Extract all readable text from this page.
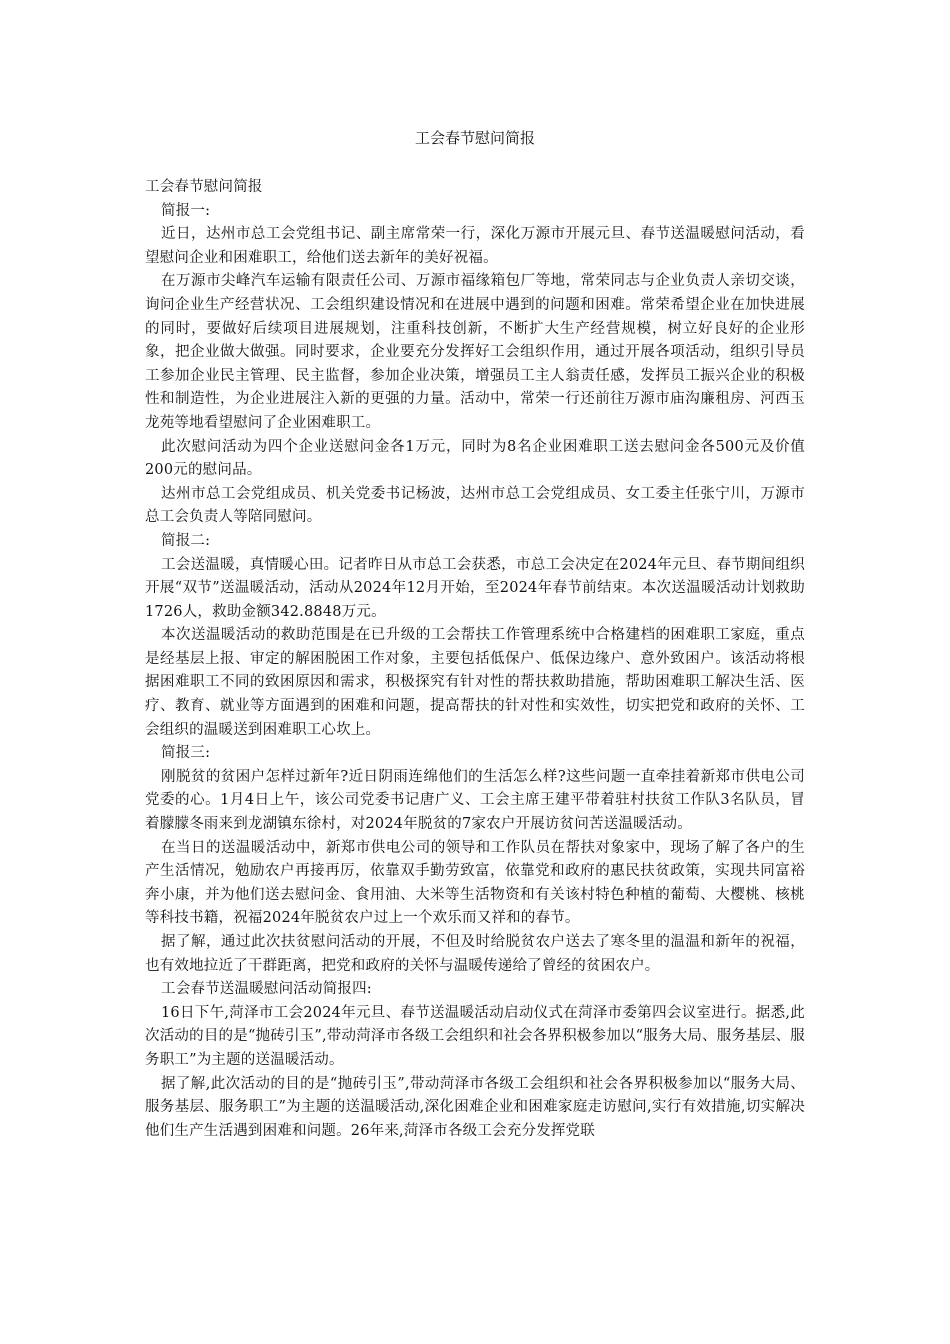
工会春节慰问简报

工会春节慰问简报

简报一:

近日，达州市总工会党组书记、副主席常荣一行，深化万源市开展元旦、春节送温暖慰问活动，看望慰问企业和困难职工，给他们送去新年的美好祝福。

在万源市尖峰汽车运输有限责任公司、万源市福缘箱包厂等地，常荣同志与企业负责人亲切交谈，询问企业生产经营状况、工会组织建设情况和在进展中遇到的问题和困难。常荣希望企业在加快进展的同时，要做好后续项目进展规划，注重科技创新，不断扩大生产经营规模，树立好良好的企业形象，把企业做大做强。同时要求，企业要充分发挥好工会组织作用，通过开展各项活动，组织引导员工参加企业民主管理、民主监督，参加企业决策，增强员工主人翁责任感，发挥员工振兴企业的积极性和制造性，为企业进展注入新的更强的力量。活动中，常荣一行还前往万源市庙沟廉租房、河西玉龙苑等地看望慰问了企业困难职工。

此次慰问活动为四个企业送慰问金各1万元，同时为8名企业困难职工送去慰问金各500元及价值200元的慰问品。

达州市总工会党组成员、机关党委书记杨波，达州市总工会党组成员、女工委主任张宁川，万源市总工会负责人等陪同慰问。

简报二:

工会送温暖，真情暖心田。记者昨日从市总工会获悉，市总工会决定在2024年元旦、春节期间组织开展“双节”送温暖活动，活动从2024年12月开始，至2024年春节前结束。本次送温暖活动计划救助1726人，救助金额342.8848万元。

本次送温暖活动的救助范围是在已升级的工会帮扶工作管理系统中合格建档的困难职工家庭，重点是经基层上报、审定的解困脱困工作对象，主要包括低保户、低保边缘户、意外致困户。该活动将根据困难职工不同的致困原因和需求，积极探究有针对性的帮扶救助措施，帮助困难职工解决生活、医疗、教育、就业等方面遇到的困难和问题，提高帮扶的针对性和实效性，切实把党和政府的关怀、工会组织的温暖送到困难职工心坎上。

简报三:

刚脱贫的贫困户怎样过新年?近日阴雨连绵他们的生活怎么样?这些问题一直牵挂着新郑市供电公司党委的心。1月4日上午，该公司党委书记唐广义、工会主席王建平带着驻村扶贫工作队3名队员，冒着朦朦冬雨来到龙湖镇东徐村，对2024年脱贫的7家农户开展访贫问苦送温暖活动。

在当日的送温暖活动中，新郑市供电公司的领导和工作队员在帮扶对象家中，现场了解了各户的生产生活情况，勉励农户再接再厉，依靠双手勤劳致富，依靠党和政府的惠民扶贫政策，实现共同富裕奔小康，并为他们送去慰问金、食用油、大米等生活物资和有关该村特色种植的葡萄、大樱桃、核桃等科技书籍，祝福2024年脱贫农户过上一个欢乐而又祥和的春节。

据了解，通过此次扶贫慰问活动的开展，不但及时给脱贫农户送去了寒冬里的温温和新年的祝福，也有效地拉近了干群距离，把党和政府的关怀与温暖传递给了曾经的贫困农户。

工会春节送温暖慰问活动简报四:

16日下午,菏泽市工会2024年元旦、春节送温暖活动启动仪式在菏泽市委第四会议室进行。据悉,此次活动的目的是“抛砖引玉”,带动菏泽市各级工会组织和社会各界积极参加以“服务大局、服务基层、服务职工”为主题的送温暖活动。

据了解,此次活动的目的是“抛砖引玉”,带动菏泽市各级工会组织和社会各界积极参加以“服务大局、服务基层、服务职工”为主题的送温暖活动,深化困难企业和困难家庭走访慰问,实行有效措施,切实解决他们生产生活遇到困难和问题。26年来,菏泽市各级工会充分发挥党联
